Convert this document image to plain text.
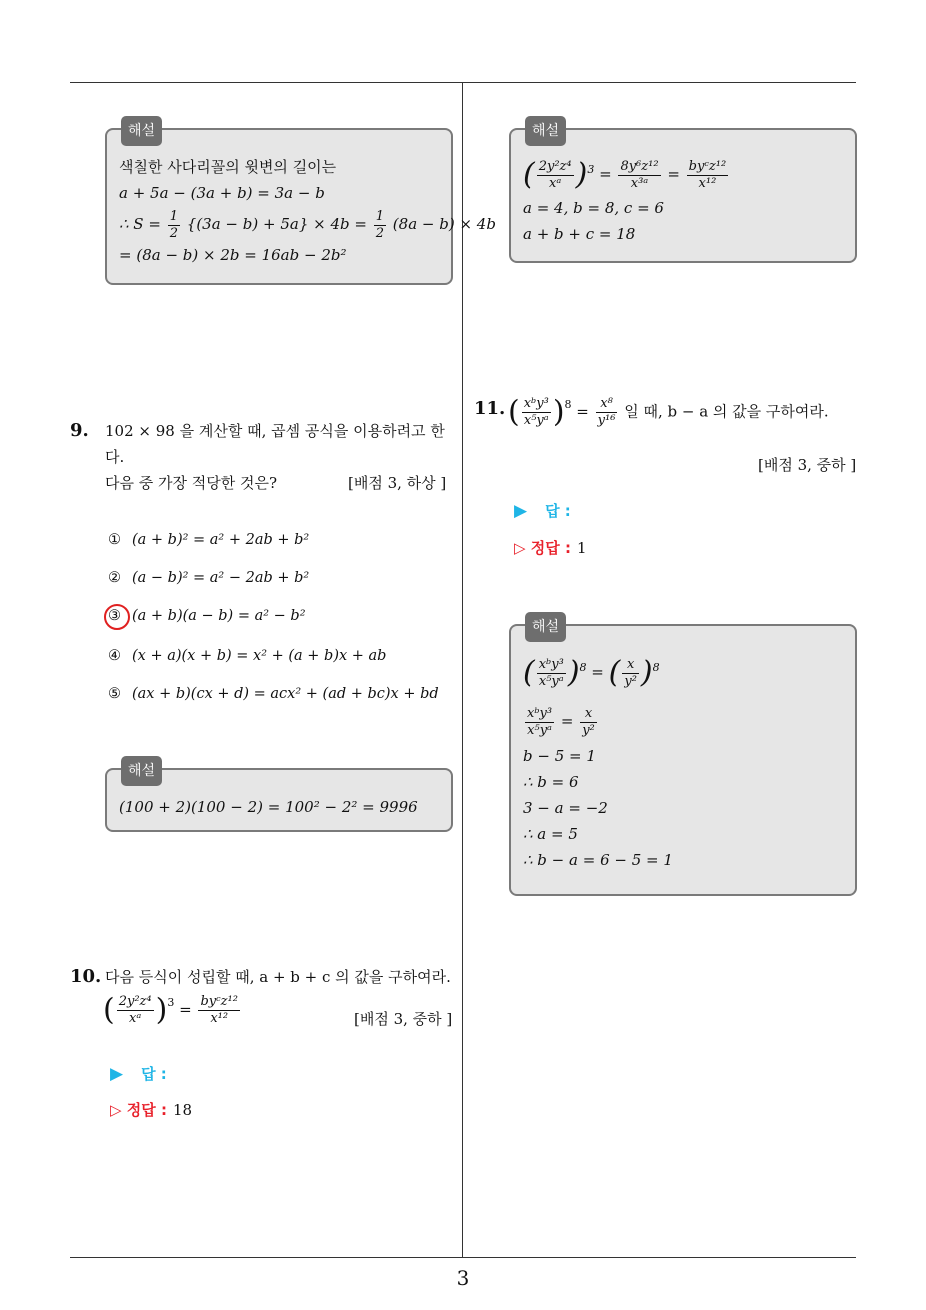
3
해설
색칠한 사다리꼴의 윗변의 길이는
a + 5a − (3a + b) = 3a − b
∴ $S = \frac{1}{2} \{(3a - b) + 5a\} \times 4b = \frac{1}{2} (8a - b) \times 4b$
= (8a − b) × 2b = 16ab − 2b²
9. 102 × 98 을 계산할 때, 곱셈 공식을 이용하려고 한다.
다음 중 가장 적당한 것은?	[배점 3, 하상 ]
① (a + b)² = a² + 2ab + b²
② (a − b)² = a² − 2ab + b²
③ (a + b)(a − b) = a² − b²
④ (x + a)(x + b) = x² + (a + b)x + ab
⑤ (ax + b)(cx + d) = acx² + (ad + bc)x + bd
해설
(100 + 2)(100 − 2) = 100² − 2² = 9996
10. 다음 등식이 성립할 때, a + b + c 의 값을 구하여라.
( $\frac{\text{2y²z⁴}}{\text{xᵃ}} )^3 = \frac{\text{byᶜz¹²}}{\text{x¹²}}$	[배점 3, 중하 ]
▶ 답 :
▷ 정답 : 18
해설
( $\frac{\text{2y²z⁴}}{\text{xᵃ}} )^3 = \frac{\text{8y⁶z¹²}}{\text{x³ᵃ}} = \frac{\text{byᶜz¹²}}{\text{x¹²}}$
a = 4, b = 8, c = 6
a + b + c = 18
11. ( $\frac{\text{xᵇy³}}{\text{x⁵yᵃ}} )^8 = \frac{\text{x⁸}}{\text{y¹⁶}}$ 일 때, b − a 의 값을 구하여라.
[배점 3, 중하 ]
▶ 답 :
▷ 정답 : 1
해설
( $\frac{\text{xᵇy³}}{\text{x⁵yᵃ}} )^8$ = ( $\frac{x}{\text{y²}} )^8$
$\frac{\text{xᵇy³}}{\text{x⁵yᵃ}} = \frac{x}{\text{y²}}$
b − 5 = 1
∴ b = 6
3 − a = −2
∴ a = 5
∴ b − a = 6 − 5 = 1
